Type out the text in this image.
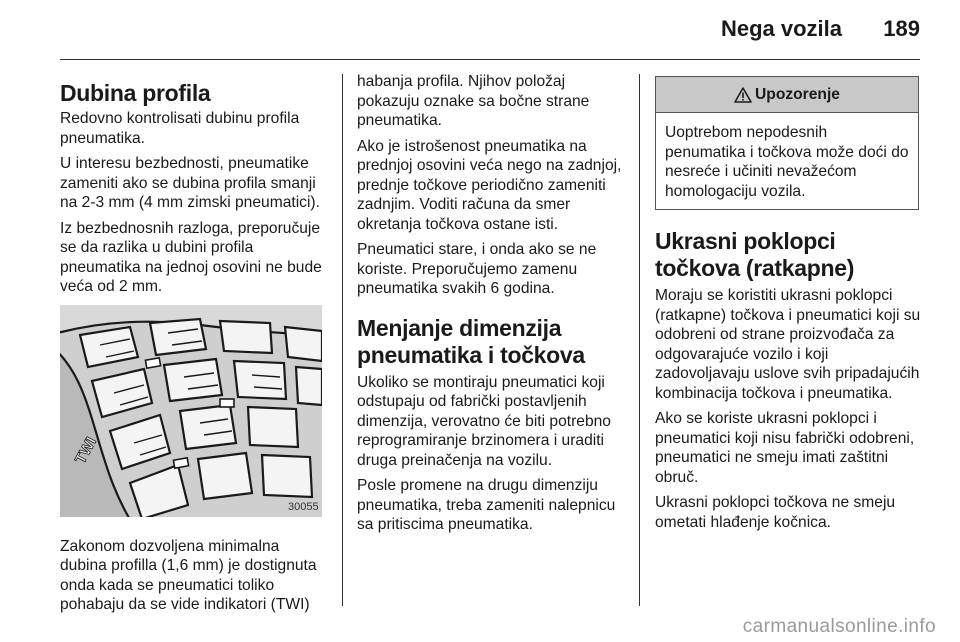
Nega vozila 189
Dubina profila

Redovno kontrolisati dubinu profila pneumatika.

U interesu bezbednosti, pneumatike zameniti ako se dubina profila smanji na 2-3 mm (4 mm zimski pneumatici).

Iz bezbednosnih razloga, preporučuje se da razlika u dubini profila pneumatika na jednoj osovini ne bude veća od 2 mm.

TWI
30055

Zakonom dozvoljena minimalna dubina profilla (1,6 mm) je dostignuta onda kada se pneumatici toliko pohabaju da se vide indikatori (TWI)

habanja profila. Njihov položaj pokazuju oznake sa bočne strane pneumatika.

Ako je istrošenost pneumatika na prednjoj osovini veća nego na zadnjoj, prednje točkove periodično zameniti zadnjim. Voditi računa da smer okretanja točkova ostane isti.

Pneumatici stare, i onda ako se ne koriste. Preporučujemo zamenu pneumatika svakih 6 godina.

Menjanje dimenzija pneumatika i točkova

Ukoliko se montiraju pneumatici koji odstupaju od fabrički postavljenih dimenzija, verovatno će biti potrebno reprogramiranje brzinomera i uraditi druga preinačenja na vozilu.

Posle promene na drugu dimenziju pneumatika, treba zameniti nalepnicu sa pritiscima pneumatika.

Upozorenje

Uoptrebom nepodesnih penumatika i točkova može doći do nesreće i učiniti nevažećom homologaciju vozila.

Ukrasni poklopci točkova (ratkapne)

Moraju se koristiti ukrasni poklopci (ratkapne) točkova i pneumatici koji su odobreni od strane proizvođača za odgovarajuće vozilo i koji zadovoljavaju uslove svih pripadajućih kombinacija točkova i pneumatika.

Ako se koriste ukrasni poklopci i pneumatici koji nisu fabrički odobreni, pneumatici ne smeju imati zaštitni obruč.

Ukrasni poklopci točkova ne smeju ometati hlađenje kočnica.

carmanualsonline.info
